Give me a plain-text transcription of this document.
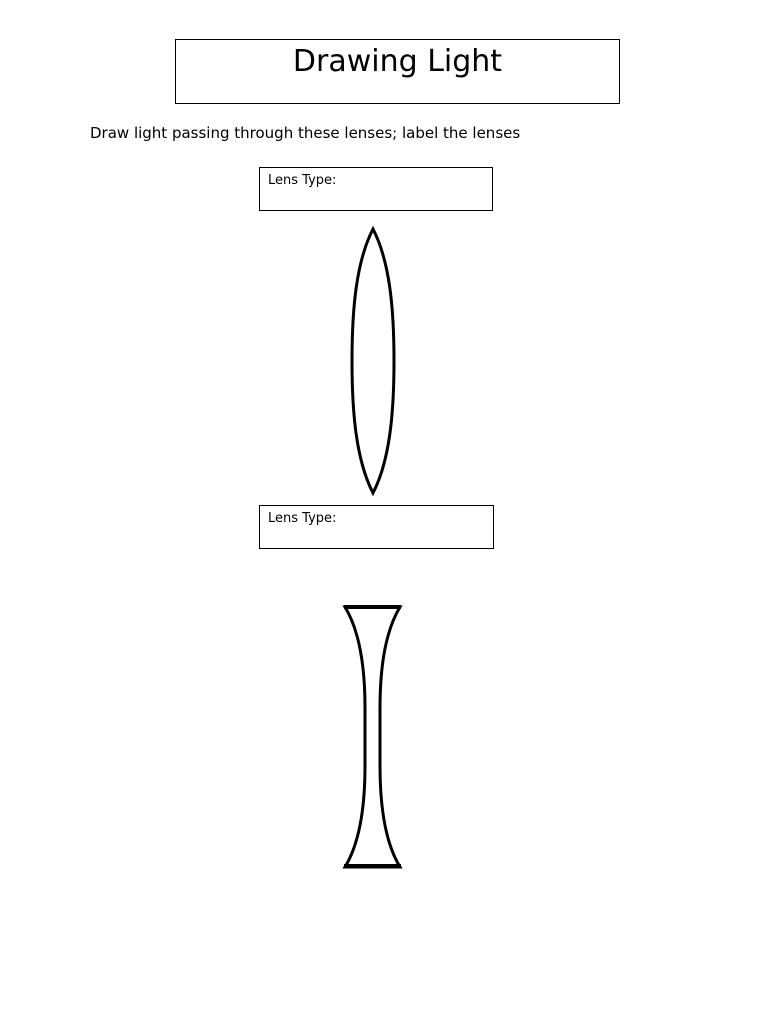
Drawing Light
Draw light passing through these lenses; label the lenses
Lens Type:
Lens Type:
